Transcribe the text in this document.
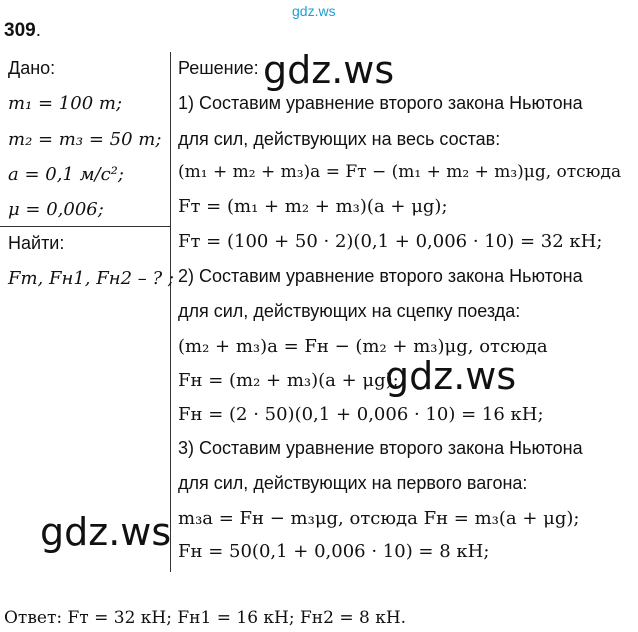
gdz.ws
309.
Дано:
m₁ = 100 т;
m₂ = m₃ = 50 т;
a = 0,1 м/с²;
μ = 0,006;
Найти:
Fт, Fн1, Fн2 – ? ;
Решение:
1) Составим уравнение второго закона Ньютона
для сил, действующих на весь состав:
(m₁ + m₂ + m₃)a = Fт − (m₁ + m₂ + m₃)μg, отсюда
Fт = (m₁ + m₂ + m₃)(a + μg);
Fт = (100 + 50 · 2)(0,1 + 0,006 · 10) = 32 кН;
2) Составим уравнение второго закона Ньютона
для сил, действующих на сцепку поезда:
(m₂ + m₃)a = Fн − (m₂ + m₃)μg, отсюда
Fн = (m₂ + m₃)(a + μg);
Fн = (2 · 50)(0,1 + 0,006 · 10) = 16 кН;
3) Составим уравнение второго закона Ньютона
для сил, действующих на первого вагона:
m₃a = Fн − m₃μg, отсюда Fн = m₃(a + μg);
Fн = 50(0,1 + 0,006 · 10) = 8 кН;
gdz.ws
gdz.ws
gdz.ws
Ответ: Fт = 32 кН; Fн1 = 16 кН; Fн2 = 8 кН.
